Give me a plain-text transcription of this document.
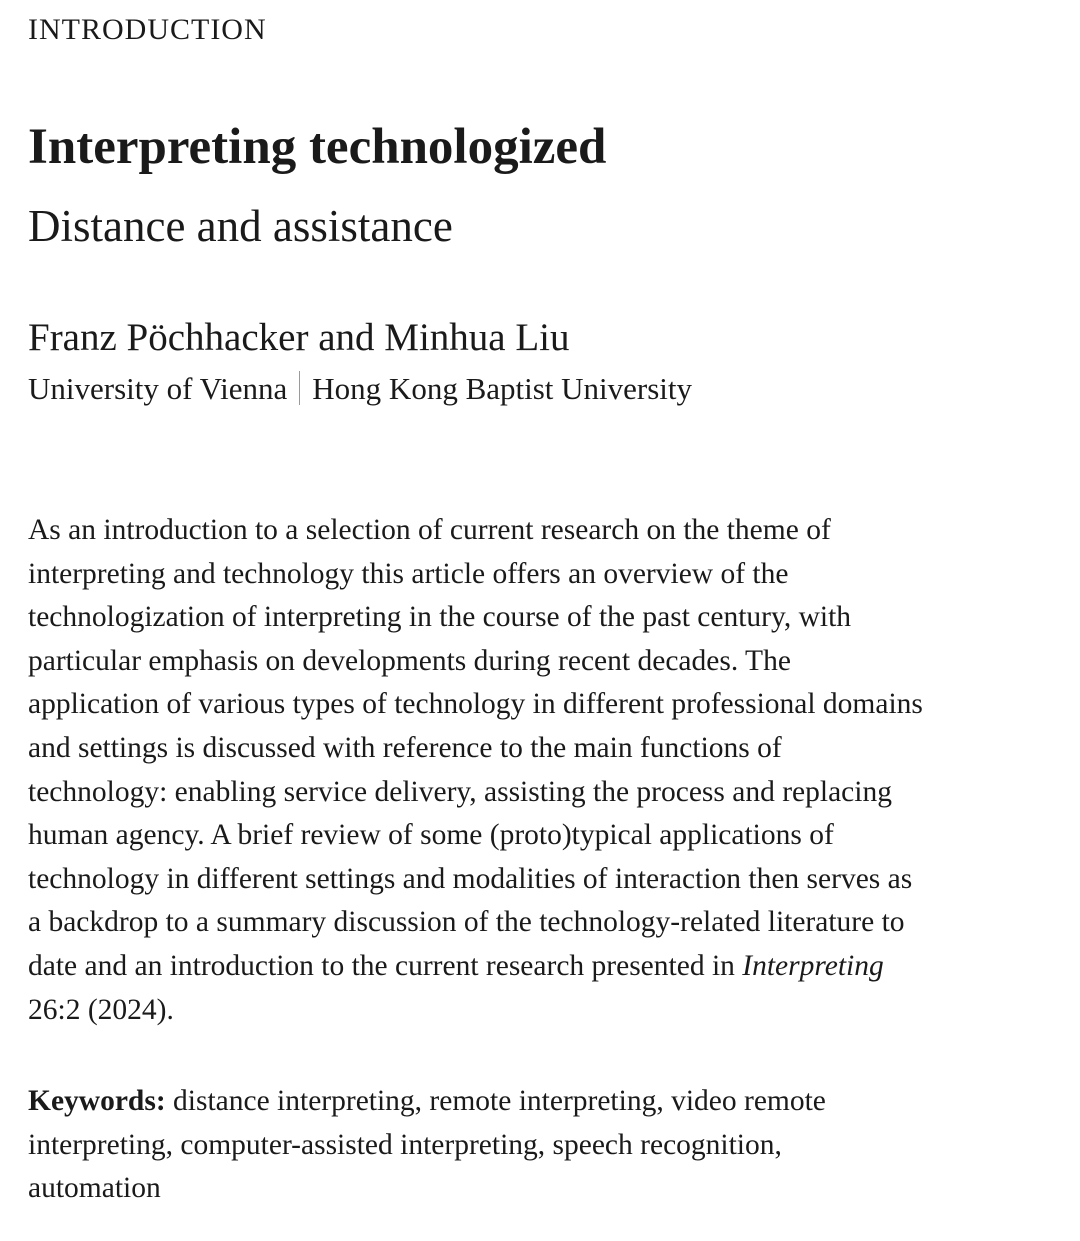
INTRODUCTION
Interpreting technologized
Distance and assistance
Franz Pöchhacker and Minhua Liu
University of Vienna Hong Kong Baptist University

As an introduction to a selection of current research on the theme of
interpreting and technology this article offers an overview of the
technologization of interpreting in the course of the past century, with
particular emphasis on developments during recent decades. The
application of various types of technology in different professional domains
and settings is discussed with reference to the main functions of
technology: enabling service delivery, assisting the process and replacing
human agency. A brief review of some (proto)typical applications of
technology in different settings and modalities of interaction then serves as
a backdrop to a summary discussion of the technology-related literature to
date and an introduction to the current research presented in Interpreting
26:2 (2024).

Keywords: distance interpreting, remote interpreting, video remote
interpreting, computer-assisted interpreting, speech recognition,
automation
